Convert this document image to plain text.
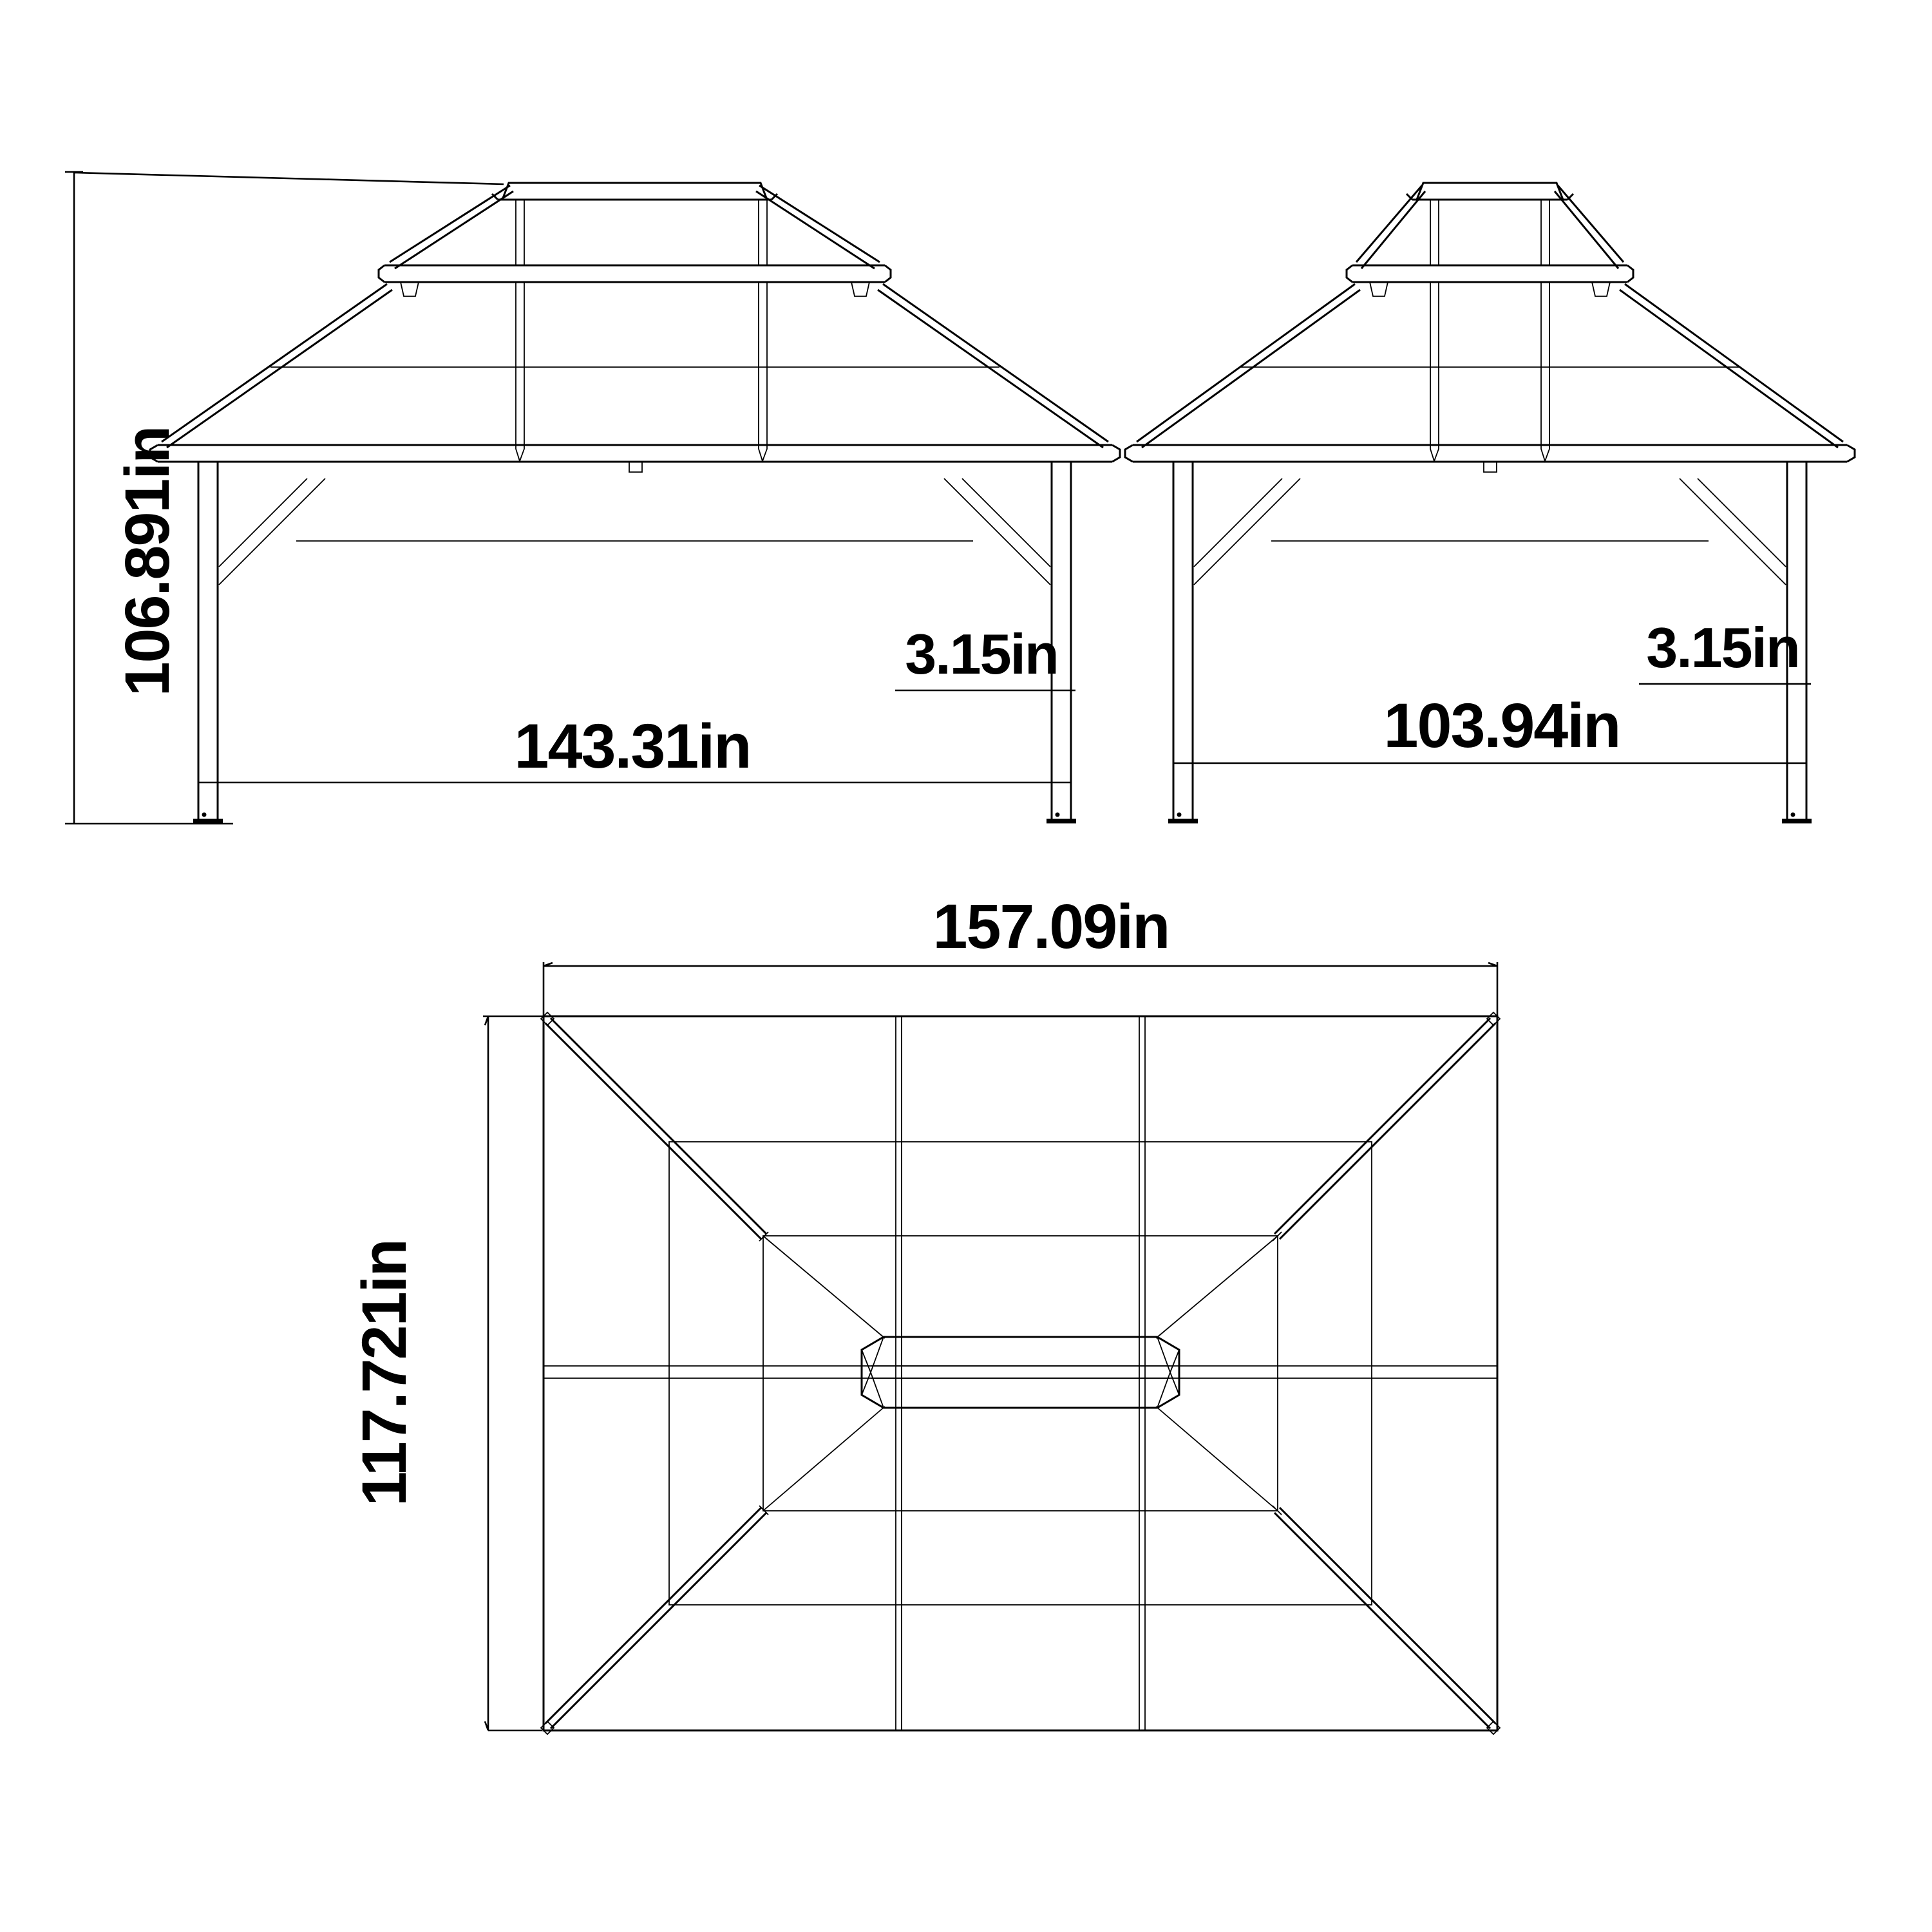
106.891in
143.31in
3.15in
103.94in
3.15in
157.09in
117.721in
